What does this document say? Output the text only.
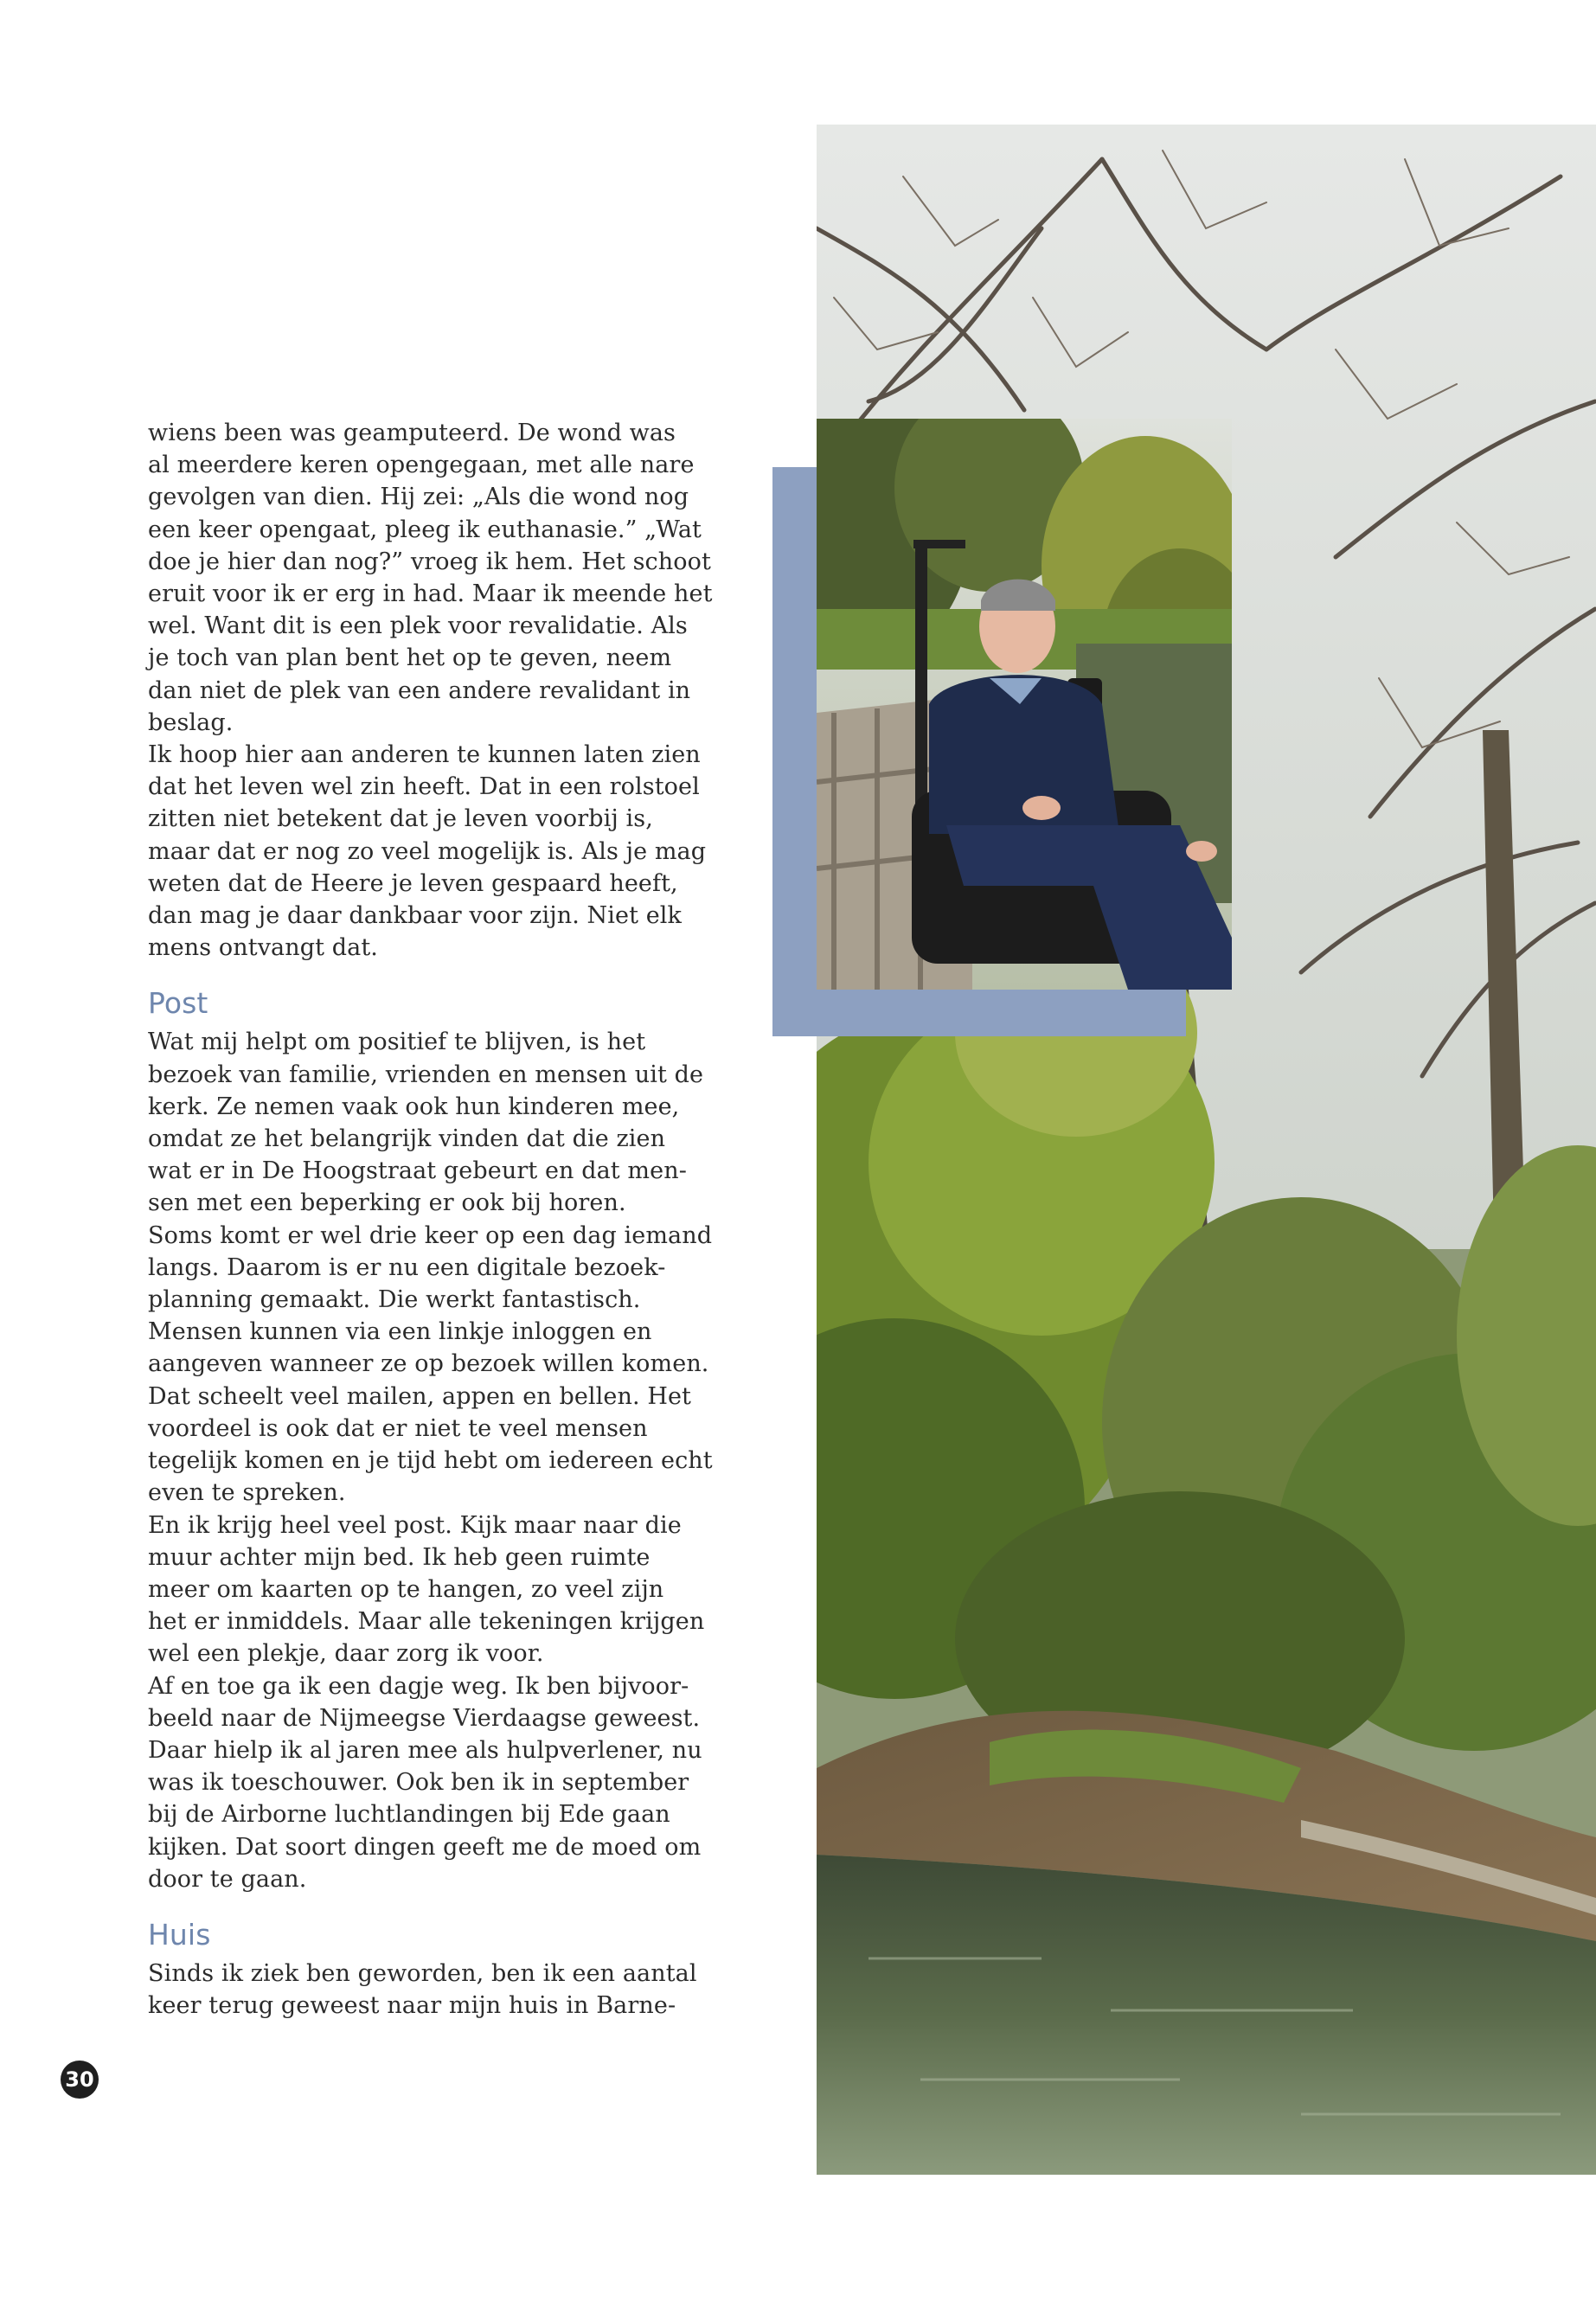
wiens been was geamputeerd. De wond was
al meerdere keren opengegaan, met alle nare
gevolgen van dien. Hij zei: „Als die wond nog
een keer opengaat, pleeg ik euthanasie.” „Wat
doe je hier dan nog?” vroeg ik hem. Het schoot
eruit voor ik er erg in had. Maar ik meende het
wel. Want dit is een plek voor revalidatie. Als
je toch van plan bent het op te geven, neem
dan niet de plek van een andere revalidant in
beslag.
Ik hoop hier aan anderen te kunnen laten zien
dat het leven wel zin heeft. Dat in een rolstoel
zitten niet betekent dat je leven voorbij is,
maar dat er nog zo veel mogelijk is. Als je mag
weten dat de Heere je leven gespaard heeft,
dan mag je daar dankbaar voor zijn. Niet elk
mens ontvangt dat.
Post
Wat mij helpt om positief te blijven, is het
bezoek van familie, vrienden en mensen uit de
kerk. Ze nemen vaak ook hun kinderen mee,
omdat ze het belangrijk vinden dat die zien
wat er in De Hoogstraat gebeurt en dat men-
sen met een beperking er ook bij horen.
Soms komt er wel drie keer op een dag iemand
langs. Daarom is er nu een digitale bezoek-
planning gemaakt. Die werkt fantastisch.
Mensen kunnen via een linkje inloggen en
aangeven wanneer ze op bezoek willen komen.
Dat scheelt veel mailen, appen en bellen. Het
voordeel is ook dat er niet te veel mensen
tegelijk komen en je tijd hebt om iedereen echt
even te spreken.
En ik krijg heel veel post. Kijk maar naar die
muur achter mijn bed. Ik heb geen ruimte
meer om kaarten op te hangen, zo veel zijn
het er inmiddels. Maar alle tekeningen krijgen
wel een plekje, daar zorg ik voor.
Af en toe ga ik een dagje weg. Ik ben bijvoor-
beeld naar de Nijmeegse Vierdaagse geweest.
Daar hielp ik al jaren mee als hulpverlener, nu
was ik toeschouwer. Ook ben ik in september
bij de Airborne luchtlandingen bij Ede gaan
kijken. Dat soort dingen geeft me de moed om
door te gaan.
Huis
Sinds ik ziek ben geworden, ben ik een aantal
keer terug geweest naar mijn huis in Barne-
30
